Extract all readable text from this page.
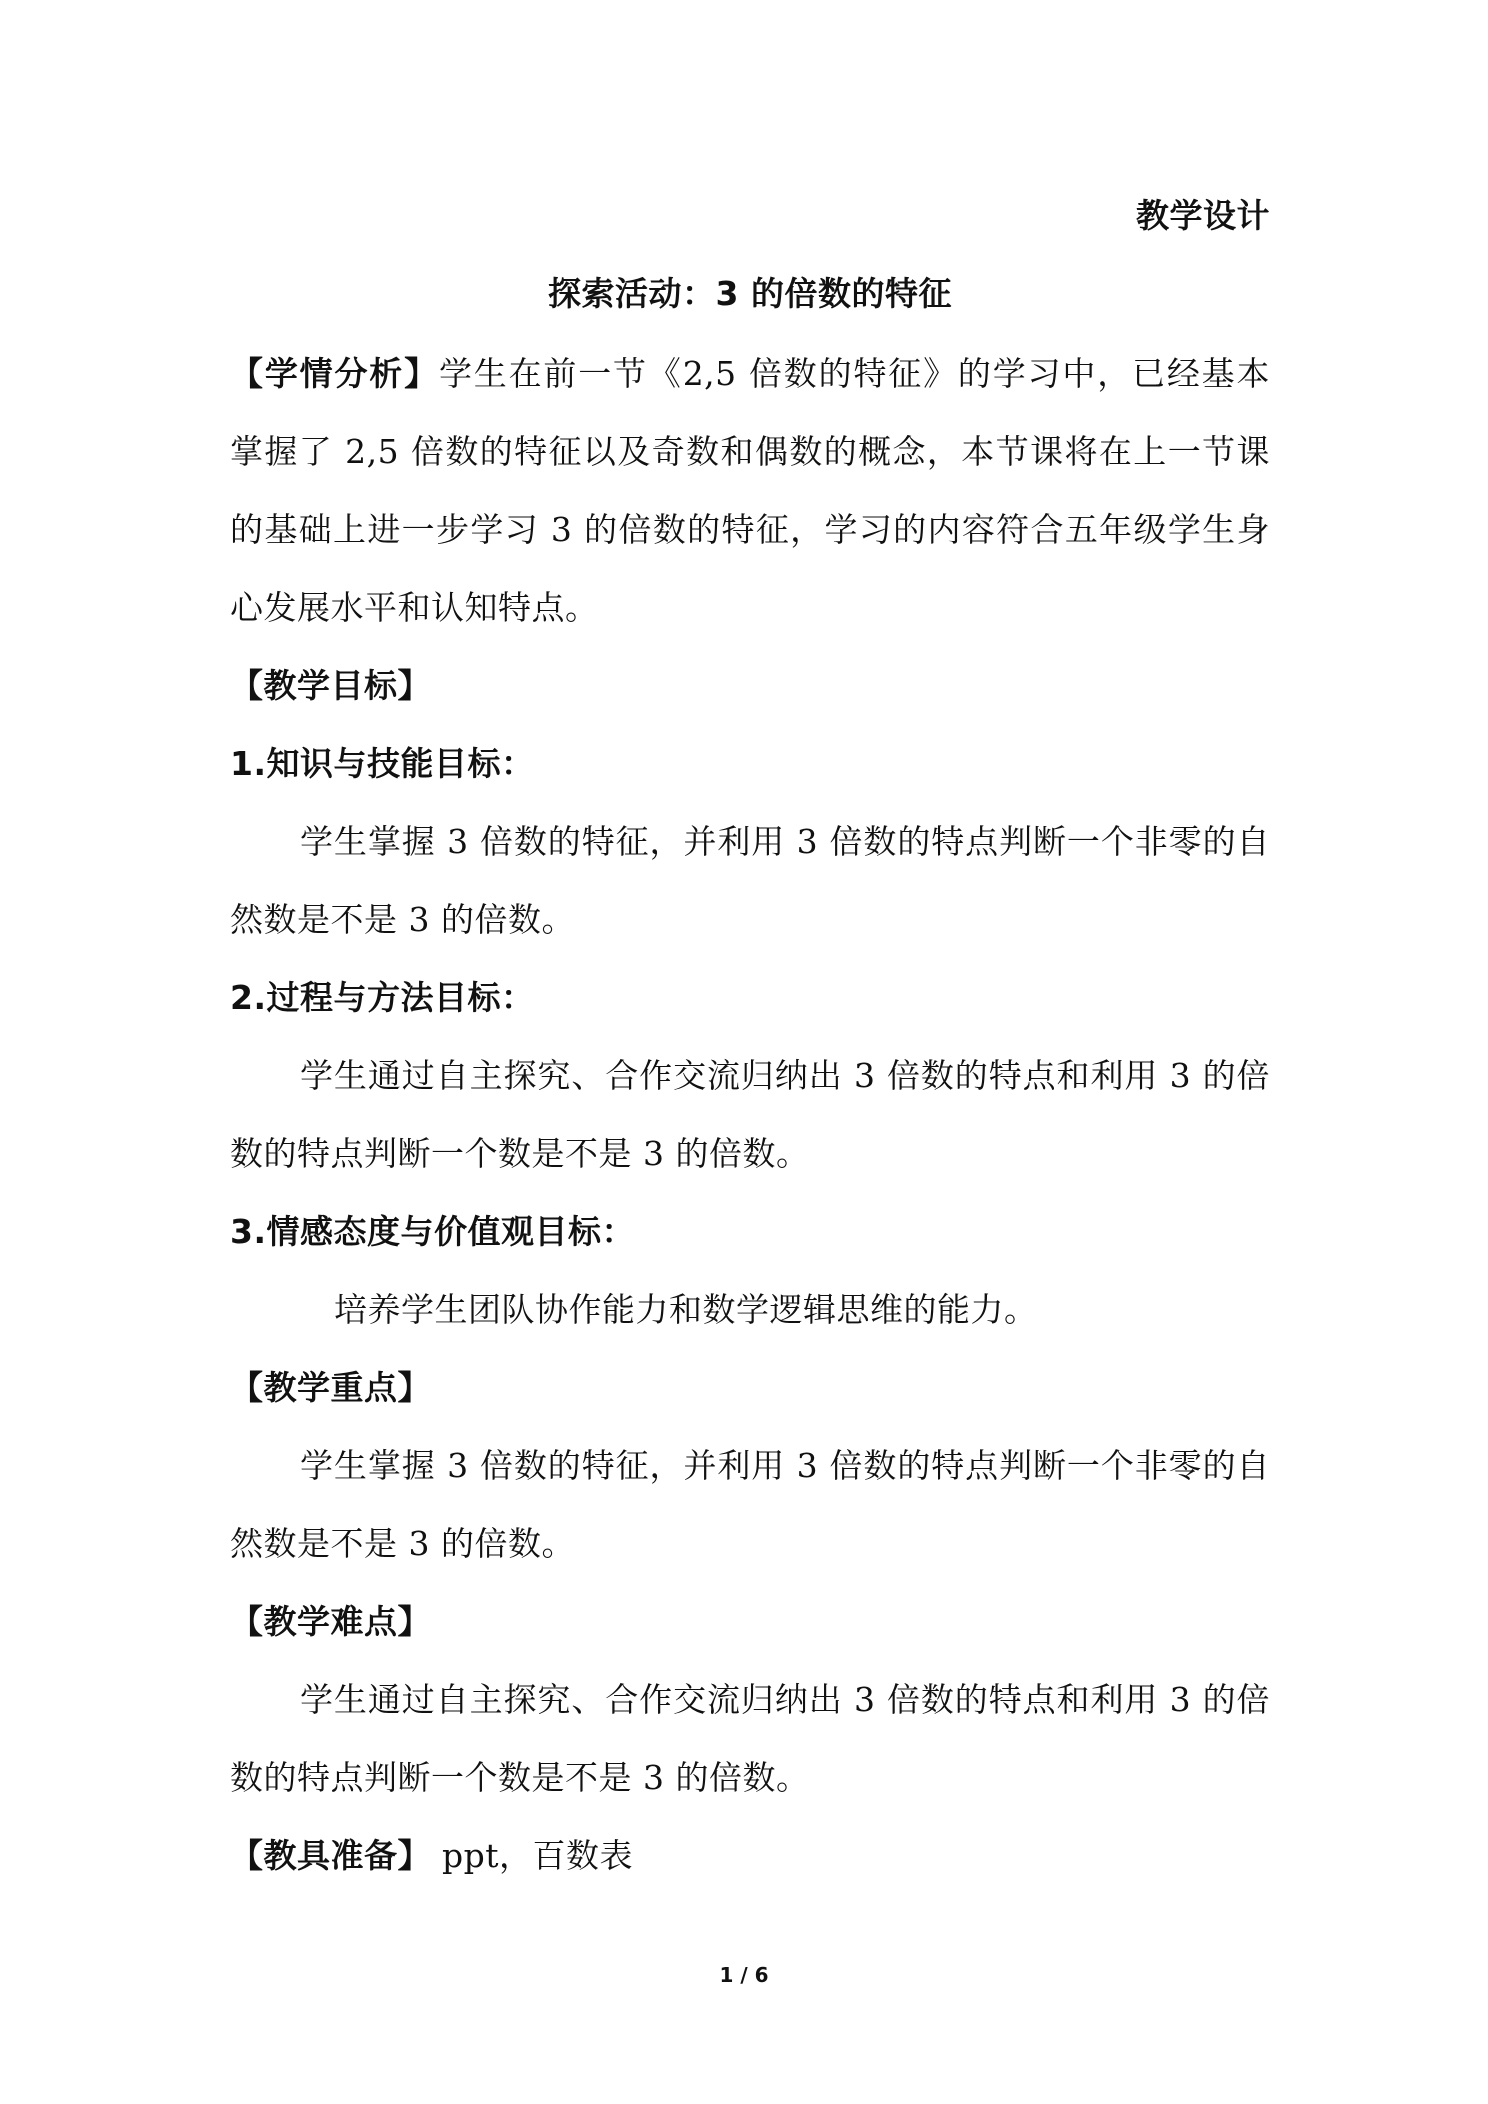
教学设计
探索活动：3 的倍数的特征
【学情分析】学生在前一节《2,5 倍数的特征》的学习中，已经基本
掌握了 2,5 倍数的特征以及奇数和偶数的概念，本节课将在上一节课
的基础上进一步学习 3 的倍数的特征，学习的内容符合五年级学生身
心发展水平和认知特点。
【教学目标】
1.知识与技能目标：
学生掌握 3 倍数的特征，并利用 3 倍数的特点判断一个非零的自
然数是不是 3 的倍数。
2.过程与方法目标：
学生通过自主探究、合作交流归纳出 3 倍数的特点和利用 3 的倍
数的特点判断一个数是不是 3 的倍数。
3.情感态度与价值观目标：
培养学生团队协作能力和数学逻辑思维的能力。
【教学重点】
学生掌握 3 倍数的特征，并利用 3 倍数的特点判断一个非零的自
然数是不是 3 的倍数。
【教学难点】
学生通过自主探究、合作交流归纳出 3 倍数的特点和利用 3 的倍
数的特点判断一个数是不是 3 的倍数。
【教具准备】 ppt，百数表
1 / 6
